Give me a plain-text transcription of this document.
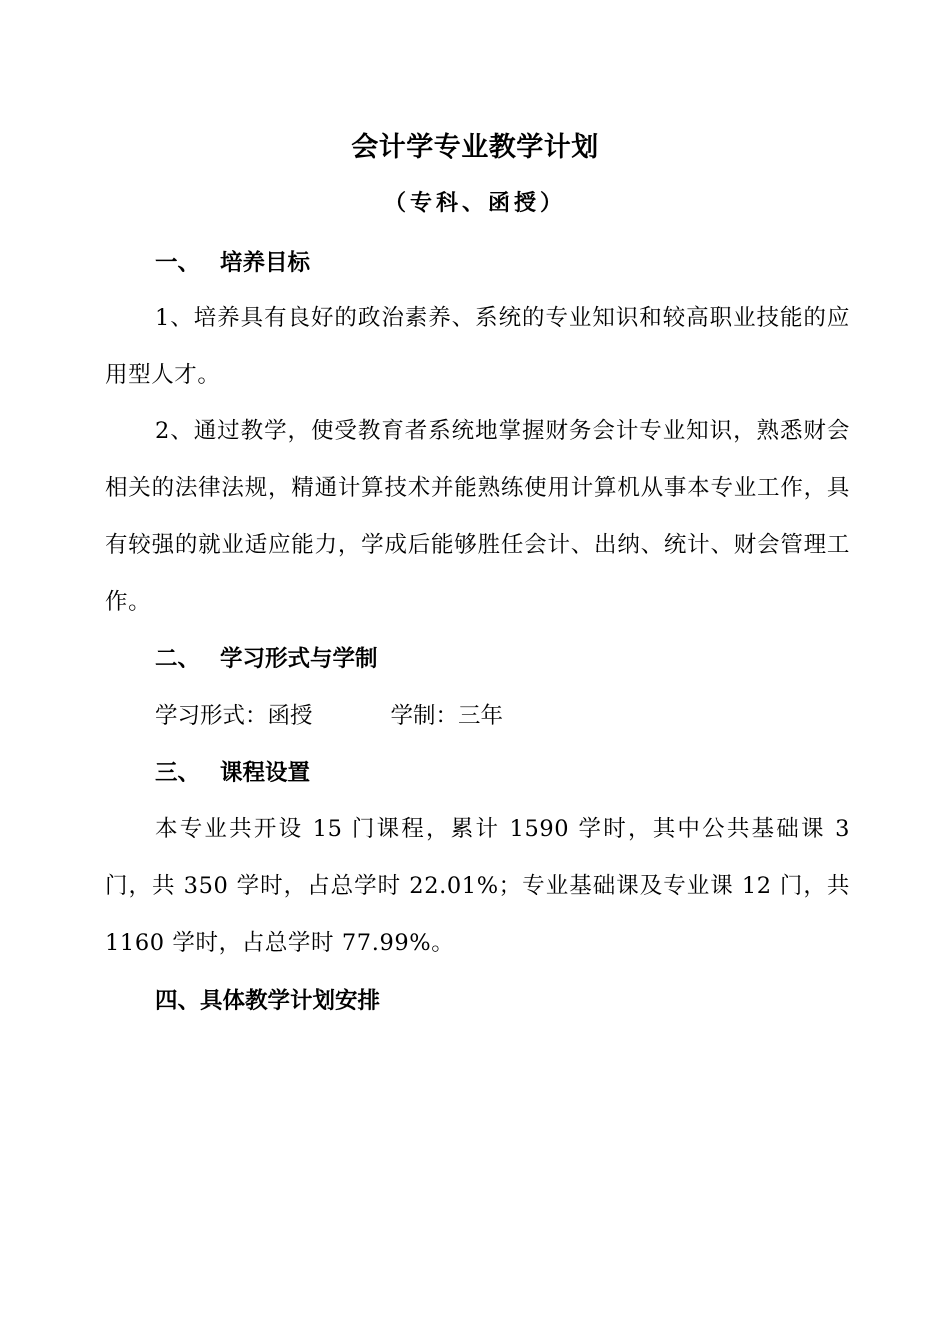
会计学专业教学计划
（专科、函授）
一、 培养目标
1、培养具有良好的政治素养、系统的专业知识和较高职业技能的应用型人才。
2、通过教学，使受教育者系统地掌握财务会计专业知识，熟悉财会相关的法律法规，精通计算技术并能熟练使用计算机从事本专业工作，具有较强的就业适应能力，学成后能够胜任会计、出纳、统计、财会管理工作。
二、 学习形式与学制
学习形式：函授	学制：三年
三、 课程设置
本专业共开设 15 门课程，累计 1590 学时，其中公共基础课 3 门，共 350 学时，占总学时 22.01%；专业基础课及专业课 12 门，共 1160 学时，占总学时 77.99%。
四、具体教学计划安排
